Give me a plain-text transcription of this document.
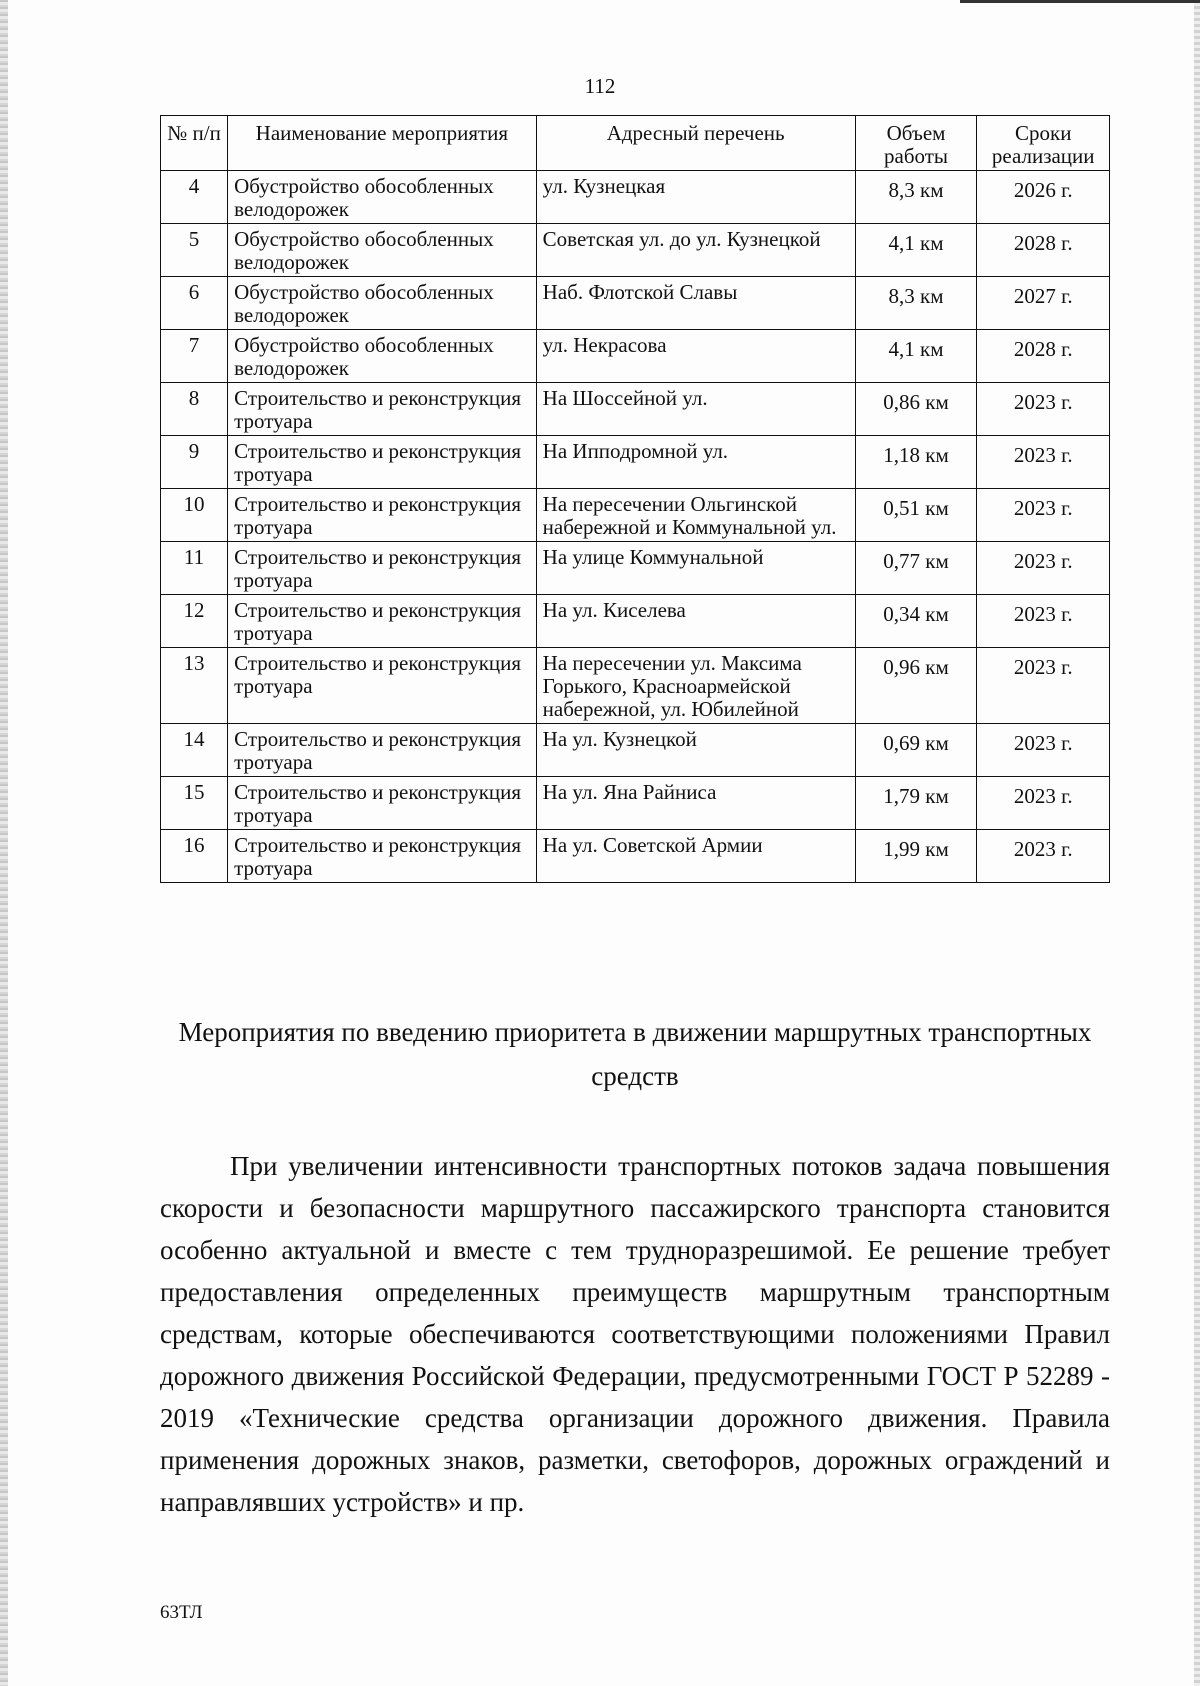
112
№ п/п	Наименование мероприятия	Адресный перечень	Объем работы	Сроки реализации
4	Обустройство обособленных велодорожек	ул. Кузнецкая	8,3 км	2026 г.
5	Обустройство обособленных велодорожек	Советская ул. до ул. Кузнецкой	4,1 км	2028 г.
6	Обустройство обособленных велодорожек	Наб. Флотской Славы	8,3 км	2027 г.
7	Обустройство обособленных велодорожек	ул. Некрасова	4,1 км	2028 г.
8	Строительство и реконструкция тротуара	На Шоссейной ул.	0,86 км	2023 г.
9	Строительство и реконструкция тротуара	На Ипподромной ул.	1,18 км	2023 г.
10	Строительство и реконструкция тротуара	На пересечении Ольгинской набережной и Коммунальной ул.	0,51 км	2023 г.
11	Строительство и реконструкция тротуара	На улице Коммунальной	0,77 км	2023 г.
12	Строительство и реконструкция тротуара	На ул. Киселева	0,34 км	2023 г.
13	Строительство и реконструкция тротуара	На пересечении ул. Максима Горького, Красноармейской набережной, ул. Юбилейной	0,96 км	2023 г.
14	Строительство и реконструкция тротуара	На ул. Кузнецкой	0,69 км	2023 г.
15	Строительство и реконструкция тротуара	На ул. Яна Райниса	1,79 км	2023 г.
16	Строительство и реконструкция тротуара	На ул. Советской Армии	1,99 км	2023 г.
Мероприятия по введению приоритета в движении маршрутных транспортных средств

При увеличении интенсивности транспортных потоков задача повышения скорости и безопасности маршрутного пассажирского транспорта становится особенно актуальной и вместе с тем трудноразрешимой. Ее решение требует предоставления определенных преимуществ маршрутным транспортным средствам, которые обеспечиваются соответствующими положениями Правил дорожного движения Российской Федерации, предусмотренными ГОСТ Р 52289 - 2019 «Технические средства организации дорожного движения. Правила применения дорожных знаков, разметки, светофоров, дорожных ограждений и направлявших устройств» и пр.

63ТЛ
